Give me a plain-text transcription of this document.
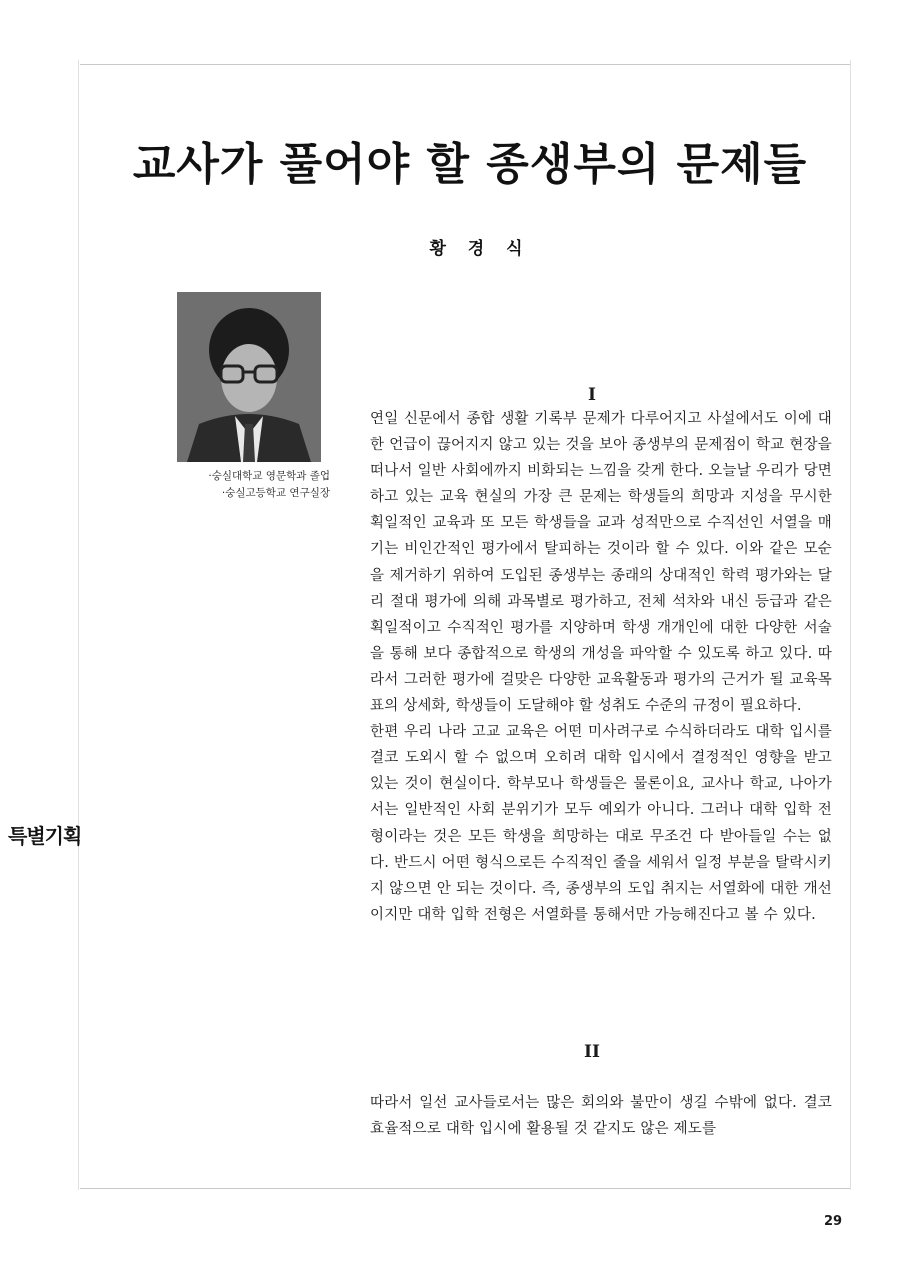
교사가 풀어야 할 종생부의 문제들
황 경 식
·숭실대학교 영문학과 졸업
·숭실고등학교 연구실장
특별기획
I

연일 신문에서 종합 생활 기록부 문제가 다루어지고 사설에서도 이에 대한 언급이 끊어지지 않고 있는 것을 보아 종생부의 문제점이 학교 현장을 떠나서 일반 사회에까지 비화되는 느낌을 갖게 한다. 오늘날 우리가 당면하고 있는 교육 현실의 가장 큰 문제는 학생들의 희망과 지성을 무시한 획일적인 교육과 또 모든 학생들을 교과 성적만으로 수직선인 서열을 매기는 비인간적인 평가에서 탈피하는 것이라 할 수 있다. 이와 같은 모순을 제거하기 위하여 도입된 종생부는 종래의 상대적인 학력 평가와는 달리 절대 평가에 의해 과목별로 평가하고, 전체 석차와 내신 등급과 같은 획일적이고 수직적인 평가를 지양하며 학생 개개인에 대한 다양한 서술을 통해 보다 종합적으로 학생의 개성을 파악할 수 있도록 하고 있다. 따라서 그러한 평가에 걸맞은 다양한 교육활동과 평가의 근거가 될 교육목표의 상세화, 학생들이 도달해야 할 성취도 수준의 규정이 필요하다.

한편 우리 나라 고교 교육은 어떤 미사려구로 수식하더라도 대학 입시를 결코 도외시 할 수 없으며 오히려 대학 입시에서 결정적인 영향을 받고 있는 것이 현실이다. 학부모나 학생들은 물론이요, 교사나 학교, 나아가서는 일반적인 사회 분위기가 모두 예외가 아니다. 그러나 대학 입학 전형이라는 것은 모든 학생을 희망하는 대로 무조건 다 받아들일 수는 없다. 반드시 어떤 형식으로든 수직적인 줄을 세워서 일정 부분을 탈락시키지 않으면 안 되는 것이다. 즉, 종생부의 도입 취지는 서열화에 대한 개선이지만 대학 입학 전형은 서열화를 통해서만 가능해진다고 볼 수 있다.

II

따라서 일선 교사들로서는 많은 회의와 불만이 생길 수밖에 없다. 결코 효율적으로 대학 입시에 활용될 것 같지도 않은 제도를

29
